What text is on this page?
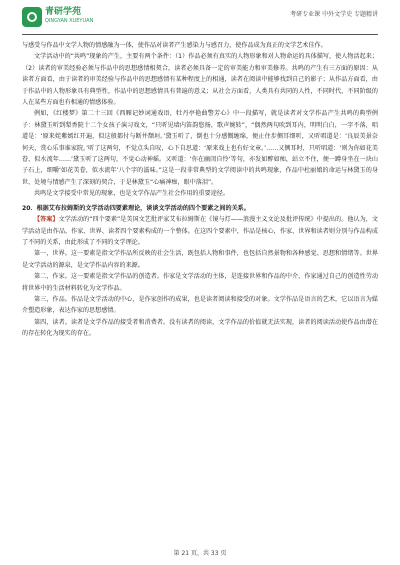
青研学苑
QINGYAN XUEYUAN
考研专业课 中外文学史 专题精讲

与感受与作品中文学人物的情感融为一体，使作品对读者产生感染力与感召力，使作品成为真正的文学艺术佳作。

文学活动中的“共鸣”现象的产生，主要有两个条件：（1）作品必须有真实的人物形象和对人物命运的具体描写，使人物活起来；（2）读者的审美经验必须与作品中的思想感情相契合，读者必须具备一定的审美能力和审美修养。共鸣的产生有三方面的原因：从读者方面看，由于读者的审美经验与作品中的思想感情有某种程度上的相通，读者在阅读中能够找到自己的影子；从作品方面看，由于作品中的人物形象具有典型性，作品中的思想感情具有普遍的意义；从社会方面看，人类具有共同的人性，不同时代、不同阶级的人在某些方面也有相通的情感体验。

例如，《红楼梦》第二十三回《西厢记妙词通戏语，牡丹亭艳曲警芳心》中一段描写，就是读者对文学作品产生共鸣的典型例子：林黛玉听到梨香院十二个女孩子演习戏文，“只听见墙内笛韵悠扬，歌声婉转”，“偶然两句吹到耳内，明明白白，一字不落，唱道是：‘原来姹紫嫣红开遍，似这般都付与断井颓垣。’黛玉听了，倒也十分感慨缠绵，便止住步侧耳细听，又听唱道是：‘良辰美景奈何天，赏心乐事谁家院。’听了这两句，不觉点头自叹，心下自思道：‘原来戏上也有好文章。’……又侧耳时，只听唱道：‘则为你如花美眷，似水流年……’黛玉听了这两句，不觉心动神摇。又听道：‘你在幽闺自怜’等句，亦发如醉如痴，站立不住，便一蹲身坐在一块山子石上，细嚼‘如花美眷，似水流年’八个字的滋味。”这是一段非常典型的文学阅读中的共鸣现象，作品中杜丽娘的命运与林黛玉的身世、处境与情感产生了深刻的契合，于是林黛玉“心痛神痴，眼中落泪”。

共鸣是文学接受中常见的现象，也是文学作品产生社会作用的重要途径。

20．根据艾布拉姆斯的文学活动四要素理论，谈谈文学活动的四个要素之间的关系。

【答案】文学活动的“四个要素”是美国文艺批评家艾布拉姆斯在《镜与灯——浪漫主义文论及批评传统》中提出的。他认为，文学活动是由作品、作家、世界、读者四个要素构成的一个整体。在这四个要素中，作品是核心，作家、世界和读者则分别与作品构成了不同的关系，由此形成了不同的文学理论。

第一，世界。这一要素是指文学作品所反映的社会生活，既包括人物和事件，也包括自然景物和各种感觉、思想和情绪等。世界是文学活动的源泉，是文学作品内容的来源。

第二，作家。这一要素是指文学作品的创造者。作家是文学活动的主体，是连接世界和作品的中介，作家通过自己的创造性劳动将世界中的生活材料转化为文学作品。

第三，作品。作品是文学活动的中心，是作家创作的成果，也是读者阅读和接受的对象。文学作品是语言的艺术，它以语言为媒介塑造形象，表达作家的思想感情。

第四，读者。读者是文学作品的接受者和消费者。没有读者的阅读，文学作品的价值就无法实现，读者的阅读活动使作品由潜在的存在转化为现实的存在。

第 21 页，共 33 页
